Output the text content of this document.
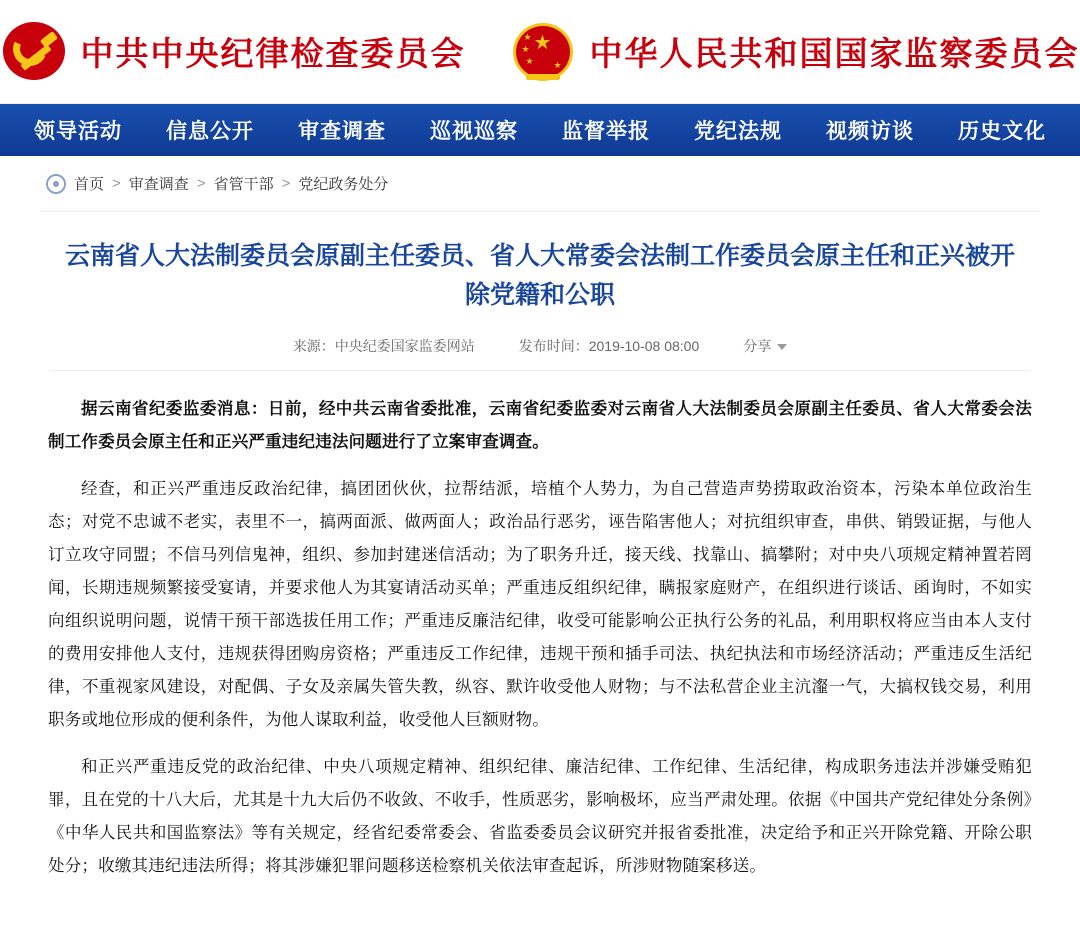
中共中央纪律检查委员会	★
★
★
★ ★ 中华人民共和国国家监察委员会
领导活动	信息公开	审查调查	巡视巡察	监督举报	党纪法规	视频访谈	历史文化
首页 > 审查调查 > 省管干部 > 党纪政务处分
云南省人大法制委员会原副主任委员、省人大常委会法制工作委员会原主任和正兴被开除党籍和公职
来源：中央纪委国家监委网站	发布时间：2019-10-08 08:00	分享

据云南省纪委监委消息：日前，经中共云南省委批准，云南省纪委监委对云南省人大法制委员会原副主任委员、省人大常委会法制工作委员会原主任和正兴严重违纪违法问题进行了立案审查调查。

经查，和正兴严重违反政治纪律，搞团团伙伙，拉帮结派，培植个人势力，为自己营造声势捞取政治资本，污染本单位政治生态；对党不忠诚不老实，表里不一，搞两面派、做两面人；政治品行恶劣，诬告陷害他人；对抗组织审查，串供、销毁证据，与他人订立攻守同盟；不信马列信鬼神，组织、参加封建迷信活动；为了职务升迁，接天线、找靠山、搞攀附；对中央八项规定精神置若罔闻，长期违规频繁接受宴请，并要求他人为其宴请活动买单；严重违反组织纪律，瞒报家庭财产，在组织进行谈话、函询时，不如实向组织说明问题，说情干预干部选拔任用工作；严重违反廉洁纪律，收受可能影响公正执行公务的礼品，利用职权将应当由本人支付的费用安排他人支付，违规获得团购房资格；严重违反工作纪律，违规干预和插手司法、执纪执法和市场经济活动；严重违反生活纪律，不重视家风建设，对配偶、子女及亲属失管失教，纵容、默许收受他人财物；与不法私营企业主沆瀣一气，大搞权钱交易，利用职务或地位形成的便利条件，为他人谋取利益，收受他人巨额财物。

和正兴严重违反党的政治纪律、中央八项规定精神、组织纪律、廉洁纪律、工作纪律、生活纪律，构成职务违法并涉嫌受贿犯罪，且在党的十八大后，尤其是十九大后仍不收敛、不收手，性质恶劣，影响极坏，应当严肃处理。依据《中国共产党纪律处分条例》《中华人民共和国监察法》等有关规定，经省纪委常委会、省监委委员会议研究并报省委批准，决定给予和正兴开除党籍、开除公职处分；收缴其违纪违法所得；将其涉嫌犯罪问题移送检察机关依法审查起诉，所涉财物随案移送。
